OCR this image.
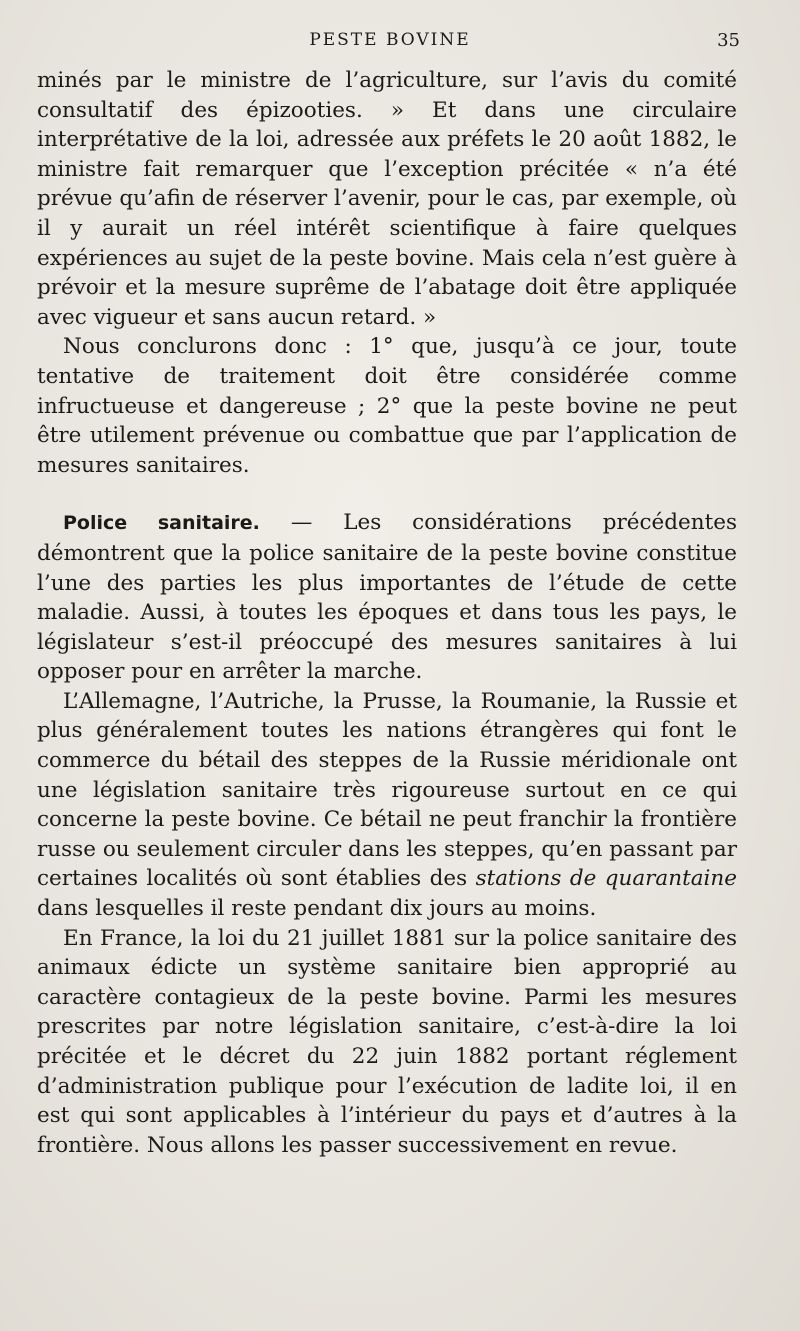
PESTE BOVINE	35

minés par le ministre de l’agriculture, sur l’avis du comité consultatif des épizooties. » Et dans une circulaire interprétative de la loi, adressée aux préfets le 20 août 1882, le ministre fait remarquer que l’exception précitée « n’a été prévue qu’afin de réserver l’avenir, pour le cas, par exemple, où il y aurait un réel intérêt scientifique à faire quelques expériences au sujet de la peste bovine. Mais cela n’est guère à prévoir et la mesure suprême de l’abatage doit être appliquée avec vigueur et sans aucun retard. »

Nous conclurons donc : 1° que, jusqu’à ce jour, toute tentative de traitement doit être considérée comme infructueuse et dangereuse ; 2° que la peste bovine ne peut être utilement prévenue ou combattue que par l’application de mesures sanitaires.

Police sanitaire. — Les considérations précédentes démontrent que la police sanitaire de la peste bovine constitue l’une des parties les plus importantes de l’étude de cette maladie. Aussi, à toutes les époques et dans tous les pays, le législateur s’est-il préoccupé des mesures sanitaires à lui opposer pour en arrêter la marche.

L’Allemagne, l’Autriche, la Prusse, la Roumanie, la Russie et plus généralement toutes les nations étrangères qui font le commerce du bétail des steppes de la Russie méridionale ont une législation sanitaire très rigoureuse surtout en ce qui concerne la peste bovine. Ce bétail ne peut franchir la frontière russe ou seulement circuler dans les steppes, qu’en passant par certaines localités où sont établies des stations de quarantaine dans lesquelles il reste pendant dix jours au moins.

En France, la loi du 21 juillet 1881 sur la police sanitaire des animaux édicte un système sanitaire bien approprié au caractère contagieux de la peste bovine. Parmi les mesures prescrites par notre législation sanitaire, c’est-à-dire la loi précitée et le décret du 22 juin 1882 portant réglement d’administration publique pour l’exécution de ladite loi, il en est qui sont applicables à l’intérieur du pays et d’autres à la frontière. Nous allons les passer successivement en revue.
